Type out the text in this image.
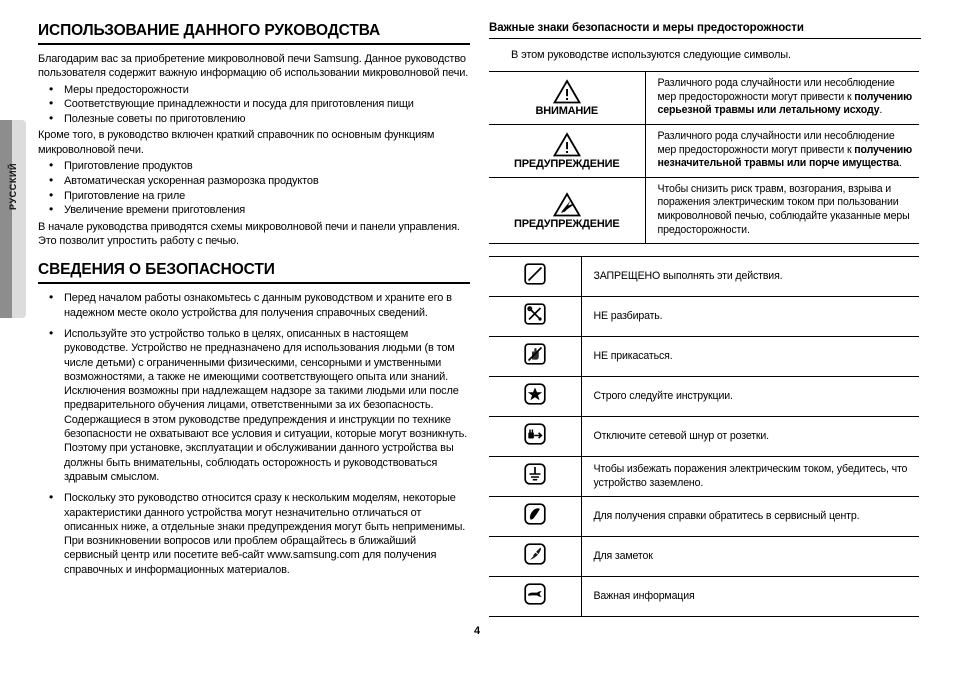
РУССКИЙ
ИСПОЛЬЗОВАНИЕ ДАННОГО РУКОВОДСТВА

Благодарим вас за приобретение микроволновой печи Samsung. Данное руководство пользователя содержит важную информацию об использовании микроволновой печи.

• Меры предосторожности
• Соответствующие принадлежности и посуда для приготовления пищи
• Полезные советы по приготовлению

Кроме того, в руководство включен краткий справочник по основным функциям микроволновой печи.

• Приготовление продуктов
• Автоматическая ускоренная разморозка продуктов
• Приготовление на гриле
• Увеличение времени приготовления

В начале руководства приводятся схемы микроволновой печи и панели управления. Это позволит упростить работу с печью.

СВЕДЕНИЯ О БЕЗОПАСНОСТИ
• Перед началом работы ознакомьтесь с данным руководством и храните его в надежном месте около устройства для получения справочных сведений.
• Используйте это устройство только в целях, описанных в настоящем руководстве. Устройство не предназначено для использования людьми (в том числе детьми) с ограниченными физическими, сенсорными и умственными возможностями, а также не имеющими соответствующего опыта или знаний. Исключения возможны при надлежащем надзоре за такими людьми или после предварительного обучения лицами, ответственными за их безопасность. Содержащиеся в этом руководстве предупреждения и инструкции по технике безопасности не охватывают все условия и ситуации, которые могут возникнуть. Поэтому при установке, эксплуатации и обслуживании данного устройства вы должны быть внимательны, соблюдать осторожность и руководствоваться здравым смыслом.
• Поскольку это руководство относится сразу к нескольким моделям, некоторые характеристики данного устройства могут незначительно отличаться от описанных ниже, а отдельные знаки предупреждения могут быть неприменимы. При возникновении вопросов или проблем обращайтесь в ближайший сервисный центр или посетите веб-сайт www.samsung.com для получения справочных и информационных материалов.
Важные знаки безопасности и меры предосторожности

В этом руководстве используются следующие символы.

ВНИМАНИЕ	Различного рода случайности или несоблюдение мер предосторожности могут привести к получению серьезной травмы или летальному исходу.

ПРЕДУПРЕЖДЕНИЕ	Различного рода случайности или несоблюдение мер предосторожности могут привести к получению незначительной травмы или порче имущества.

ПРЕДУПРЕЖДЕНИЕ	Чтобы снизить риск травм, возгорания, взрыва и поражения электрическим током при пользовании микроволновой печью, соблюдайте указанные меры предосторожности.
	ЗАПРЕЩЕНО выполнять эти действия.
	НЕ разбирать.
	НЕ прикасаться.
	Строго следуйте инструкции.
	Отключите сетевой шнур от розетки.
	Чтобы избежать поражения электрическим током, убедитесь, что устройство заземлено.
	Для получения справки обратитесь в сервисный центр.
	Для заметок
	Важная информация
4
